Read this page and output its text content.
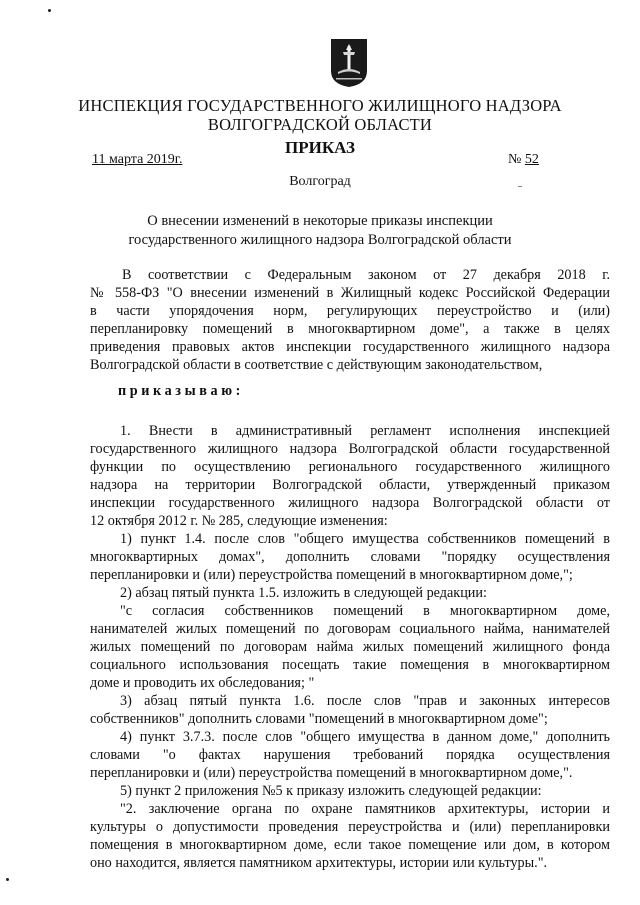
ИНСПЕКЦИЯ ГОСУДАРСТВЕННОГО ЖИЛИЩНОГО НАДЗОРА
ВОЛГОГРАДСКОЙ ОБЛАСТИ
ПРИКАЗ
11 марта 2019г.	№ 52
Волгоград
О внесении изменений в некоторые приказы инспекции
государственного жилищного надзора Волгоградской области
В соответствии с Федеральным законом от 27 декабря 2018 г.
№ 558-ФЗ "О внесении изменений в Жилищный кодекс Российской Федерации
в части упорядочения норм, регулирующих переустройство и (или)
перепланировку помещений в многоквартирном доме", а также в целях
приведения правовых актов инспекции государственного жилищного надзора
Волгоградской области в соответствие с действующим законодательством,
приказываю:
1. Внести в административный регламент исполнения инспекцией
государственного жилищного надзора Волгоградской области государственной
функции по осуществлению регионального государственного жилищного
надзора на территории Волгоградской области, утвержденный приказом
инспекции государственного жилищного надзора Волгоградской области от
12 октября 2012 г. № 285, следующие изменения:
1) пункт 1.4. после слов "общего имущества собственников помещений в
многоквартирных домах", дополнить словами "порядку осуществления
перепланировки и (или) переустройства помещений в многоквартирном доме,";
2) абзац пятый пункта 1.5. изложить в следующей редакции:
"с согласия собственников помещений в многоквартирном доме,
нанимателей жилых помещений по договорам социального найма, нанимателей
жилых помещений по договорам найма жилых помещений жилищного фонда
социального использования посещать такие помещения в многоквартирном
доме и проводить их обследования; "
3) абзац пятый пункта 1.6. после слов "прав и законных интересов
собственников" дополнить словами "помещений в многоквартирном доме";
4) пункт 3.7.3. после слов "общего имущества в данном доме," дополнить
словами "о фактах нарушения требований порядка осуществления
перепланировки и (или) переустройства помещений в многоквартирном доме,".
5) пункт 2 приложения №5 к приказу изложить следующей редакции:
"2. заключение органа по охране памятников архитектуры, истории и
культуры о допустимости проведения переустройства и (или) перепланировки
помещения в многоквартирном доме, если такое помещение или дом, в котором
оно находится, является памятником архитектуры, истории или культуры.".
